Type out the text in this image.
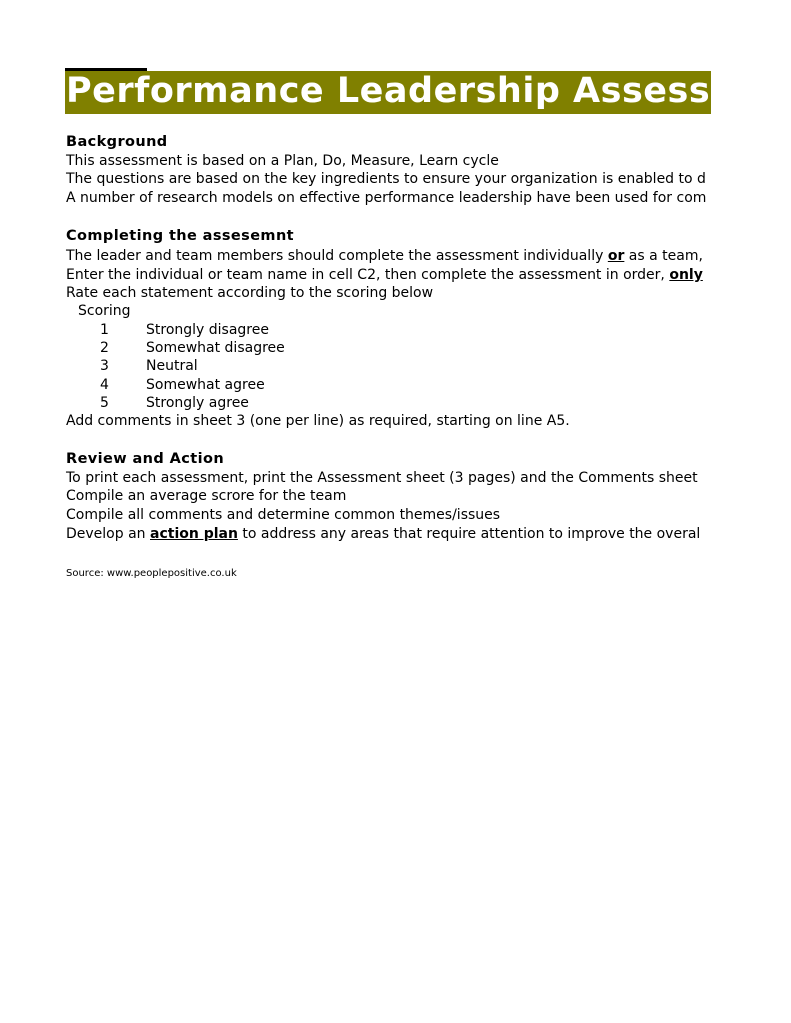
Performance Leadership Assess
Background
This assessment is based on a Plan, Do, Measure, Learn cycle
The questions are based on the key ingredients to ensure your organization is enabled to d
A number of research models on effective performance leadership have been used for com
Completing the assesemnt
The leader and team members should complete the assessment individually or as a team,
Enter the individual or team name in cell C2, then complete the assessment in order, only
Rate each statement according to the scoring below
Scoring
1	Strongly disagree
2	Somewhat disagree
3	Neutral
4	Somewhat agree
5	Strongly agree
Add comments in sheet 3 (one per line) as required, starting on line A5.
Review and Action
To print each assessment, print the Assessment sheet (3 pages) and the Comments sheet
Compile an average scrore for the team
Compile all comments and determine common themes/issues
Develop an action plan to address any areas that require attention to improve the overal
Source: www.peoplepositive.co.uk
